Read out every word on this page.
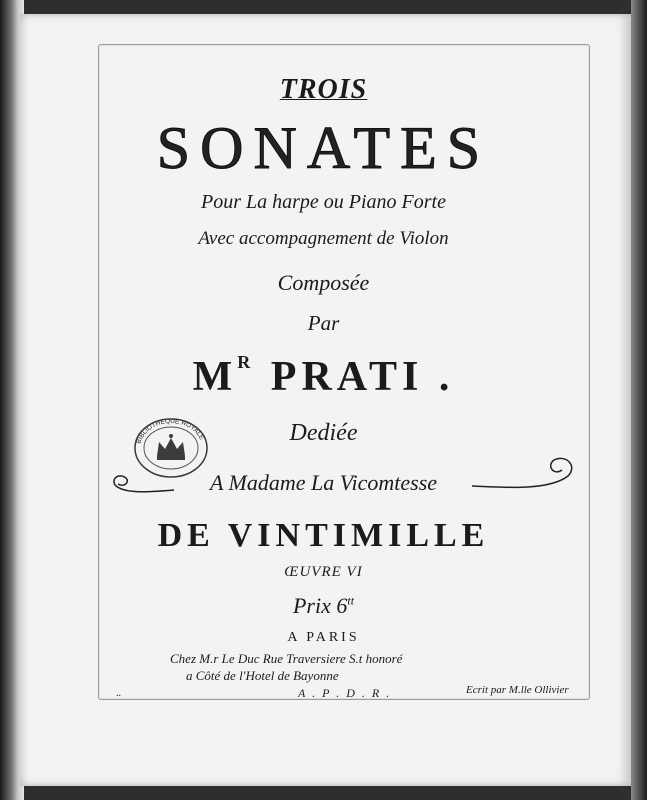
TROIS
SONATES
Pour La harpe ou Piano Forte
Avec accompagnement de Violon
Composée
Par
$M^R$ PRATI .
Dediée
A Madame La Vicomtesse
DE VINTIMILLE
ŒUVRE VI
Prix $6^{tt}$
A PARIS
Chez M.r Le Duc Rue Traversiere S.t honoré
a Côté de l'Hotel de Bayonne
A . P . D . R .	Ecrit par M.lle Ollivier
..
BIBLIOTHEQUE ROYALE
